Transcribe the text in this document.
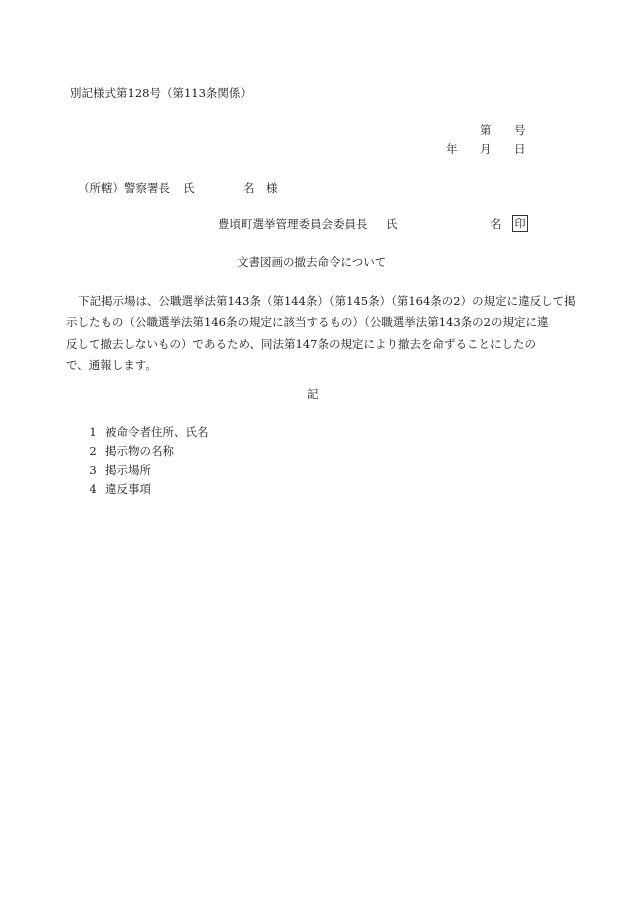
別記様式第128号（第113条関係）
第 号
年 月 日
（所轄）警察署長 氏	名 様
豊頃町選挙管理委員会委員長 氏	名 印
文書図画の撤去命令について
下記掲示場は、公職選挙法第143条（第144条）（第145条）（第164条の2）の規定に違反して掲
示したもの（公職選挙法第146条の規定に該当するもの）（公職選挙法第143条の2の規定に違
反して撤去しないもの）であるため、同法第147条の規定により撤去を命ずることにしたの
で、通報します。
記
1 被命令者住所、氏名
2 掲示物の名称
3 掲示場所
4 違反事項
